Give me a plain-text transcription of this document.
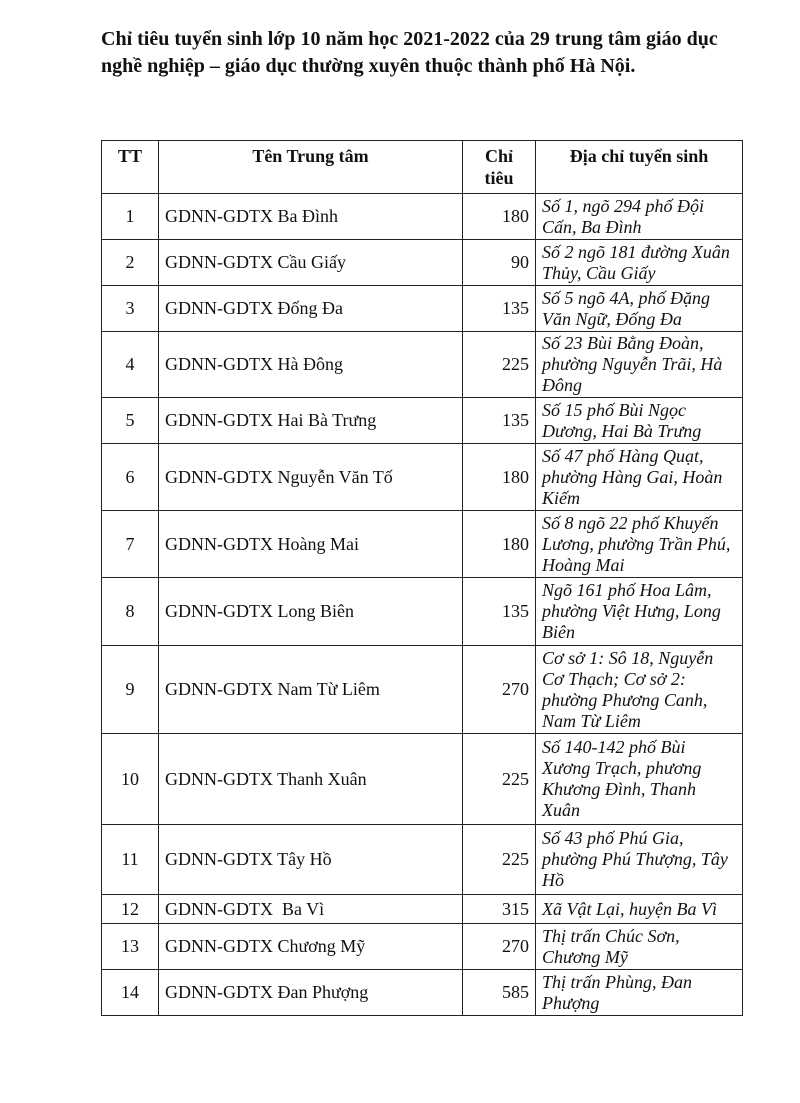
Chỉ tiêu tuyển sinh lớp 10 năm học 2021-2022 của 29 trung tâm giáo dục nghề nghiệp – giáo dục thường xuyên thuộc thành phố Hà Nội.

TT	Tên Trung tâm	Chỉ tiêu	Địa chỉ tuyển sinh
1	GDNN-GDTX Ba Đình	180	Số 1, ngõ 294 phố Đội Cấn, Ba Đình
2	GDNN-GDTX Cầu Giấy	90	Số 2 ngõ 181 đường Xuân Thủy, Cầu Giấy
3	GDNN-GDTX Đống Đa	135	Số 5 ngõ 4A, phố Đặng Văn Ngữ, Đống Đa
4	GDNN-GDTX Hà Đông	225	Số 23 Bùi Bằng Đoàn, phường Nguyễn Trãi, Hà Đông
5	GDNN-GDTX Hai Bà Trưng	135	Số 15 phố Bùi Ngọc Dương, Hai Bà Trưng
6	GDNN-GDTX Nguyễn Văn Tố	180	Số 47 phố Hàng Quạt, phường Hàng Gai, Hoàn Kiếm
7	GDNN-GDTX Hoàng Mai	180	Số 8 ngõ 22 phố Khuyến Lương, phường Trần Phú, Hoàng Mai
8	GDNN-GDTX Long Biên	135	Ngõ 161 phố Hoa Lâm, phường Việt Hưng, Long Biên
9	GDNN-GDTX Nam Từ Liêm	270	Cơ sở 1: Sô 18, Nguyễn Cơ Thạch; Cơ sở 2: phường Phương Canh, Nam Từ Liêm
10	GDNN-GDTX Thanh Xuân	225	Số 140-142 phố Bùi Xương Trạch, phương Khương Đình, Thanh Xuân
11	GDNN-GDTX Tây Hồ	225	Số 43 phố Phú Gia, phường Phú Thượng, Tây Hồ
12	GDNN-GDTX  Ba Vì	315	Xã Vật Lại, huyện Ba Vì
13	GDNN-GDTX Chương Mỹ	270	Thị trấn Chúc Sơn, Chương Mỹ
14	GDNN-GDTX Đan Phượng	585	Thị trấn Phùng, Đan Phượng
